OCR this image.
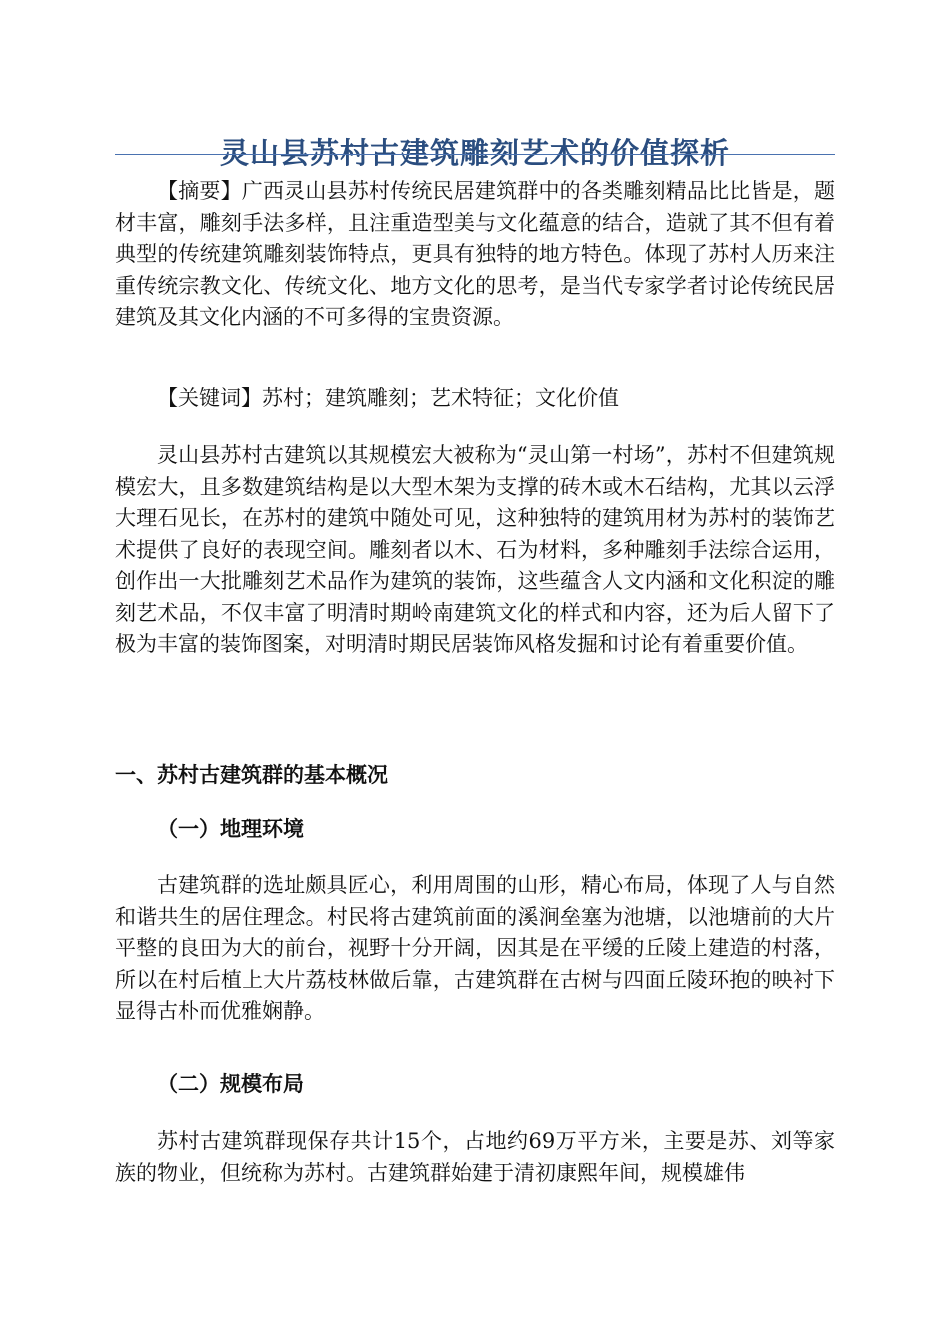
灵山县苏村古建筑雕刻艺术的价值探析

【摘要】广西灵山县苏村传统民居建筑群中的各类雕刻精品比比皆是，题材丰富，雕刻手法多样，且注重造型美与文化蕴意的结合，造就了其不但有着典型的传统建筑雕刻装饰特点，更具有独特的地方特色。体现了苏村人历来注重传统宗教文化、传统文化、地方文化的思考，是当代专家学者讨论传统民居建筑及其文化内涵的不可多得的宝贵资源。

【关键词】苏村；建筑雕刻；艺术特征；文化价值

灵山县苏村古建筑以其规模宏大被称为“灵山第一村场”，苏村不但建筑规模宏大，且多数建筑结构是以大型木架为支撑的砖木或木石结构，尤其以云浮大理石见长，在苏村的建筑中随处可见，这种独特的建筑用材为苏村的装饰艺术提供了良好的表现空间。雕刻者以木、石为材料，多种雕刻手法综合运用，创作出一大批雕刻艺术品作为建筑的装饰，这些蕴含人文内涵和文化积淀的雕刻艺术品，不仅丰富了明清时期岭南建筑文化的样式和内容，还为后人留下了极为丰富的装饰图案，对明清时期民居装饰风格发掘和讨论有着重要价值。

一、苏村古建筑群的基本概况
（一）地理环境

古建筑群的选址颇具匠心，利用周围的山形，精心布局，体现了人与自然和谐共生的居住理念。村民将古建筑前面的溪涧垒塞为池塘，以池塘前的大片平整的良田为大的前台，视野十分开阔，因其是在平缓的丘陵上建造的村落，所以在村后植上大片荔枝林做后靠，古建筑群在古树与四面丘陵环抱的映衬下显得古朴而优雅娴静。

（二）规模布局

苏村古建筑群现保存共计15个，占地约69万平方米，主要是苏、刘等家族的物业，但统称为苏村。古建筑群始建于清初康熙年间，规模雄伟
